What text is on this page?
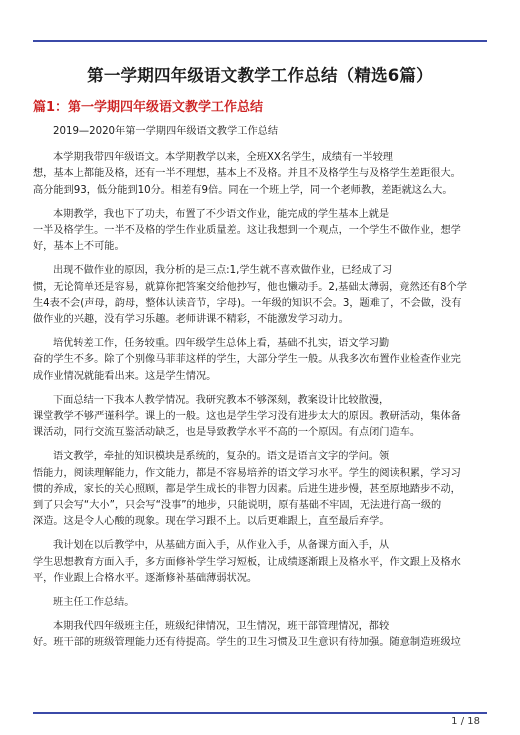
第一学期四年级语文教学工作总结（精选6篇）
篇1：第一学期四年级语文教学工作总结

2019—2020年第一学期四年级语文教学工作总结

本学期我带四年级语文。本学期教学以来，全班XX名学生，成绩有一半较理
想，基本上都能及格，还有一半不理想，基本上不及格。并且不及格学生与及格学生差距很大。
高分能到93，低分能到10分。相差有9倍。同在一个班上学，同一个老师教，差距就这么大。

本期教学，我也下了功夫，布置了不少语文作业，能完成的学生基本上就是
一半及格学生。一半不及格的学生作业质量差。这让我想到一个观点，一个学生不做作业，想学
好，基本上不可能。

出现不做作业的原因，我分析的是三点:1,学生就不喜欢做作业，已经成了习
惯，无论简单还是容易，就算你把答案交给他抄写，他也懒动手。2,基础太薄弱，竟然还有8个学
生4表不会(声母，韵母，整体认读音节，字母)。一年级的知识不会。3，题难了，不会做，没有
做作业的兴趣，没有学习乐趣。老师讲课不精彩，不能激发学习动力。

培优转差工作，任务较重。四年级学生总体上看，基础不扎实，语文学习勤
奋的学生不多。除了个别像马菲菲这样的学生，大部分学生一般。从我多次布置作业检查作业完
成作业情况就能看出来。这是学生情况。

下面总结一下我本人教学情况。我研究教本不够深刻，教案设计比较散漫，
课堂教学不够严谨科学。课上的一般。这也是学生学习没有进步太大的原因。教研活动，集体备
课活动，同行交流互鉴活动缺乏，也是导致教学水平不高的一个原因。有点闭门造车。

语文教学，牵扯的知识模块是系统的，复杂的。语文是语言文字的学问。领
悟能力，阅读理解能力，作文能力，都是不容易培养的语文学习水平。学生的阅读积累，学习习
惯的养成，家长的关心照顾，都是学生成长的非智力因素。后进生进步慢，甚至原地踏步不动，
到了只会写“大小”，只会写“没事”的地步，只能说明，原有基础不牢固，无法进行高一级的
深造。这是令人心酸的现象。现在学习跟不上。以后更难跟上，直至最后弃学。

我计划在以后教学中，从基础方面入手，从作业入手，从备课方面入手，从
学生思想教育方面入手，多方面修补学生学习短板，让成绩逐渐跟上及格水平，作文跟上及格水
平，作业跟上合格水平。逐渐修补基础薄弱状况。

班主任工作总结。

本期我代四年级班主任，班级纪律情况，卫生情况，班干部管理情况，都较
好。班干部的班级管理能力还有待提高。学生的卫生习惯及卫生意识有待加强。随意制造班级垃

1 / 18
